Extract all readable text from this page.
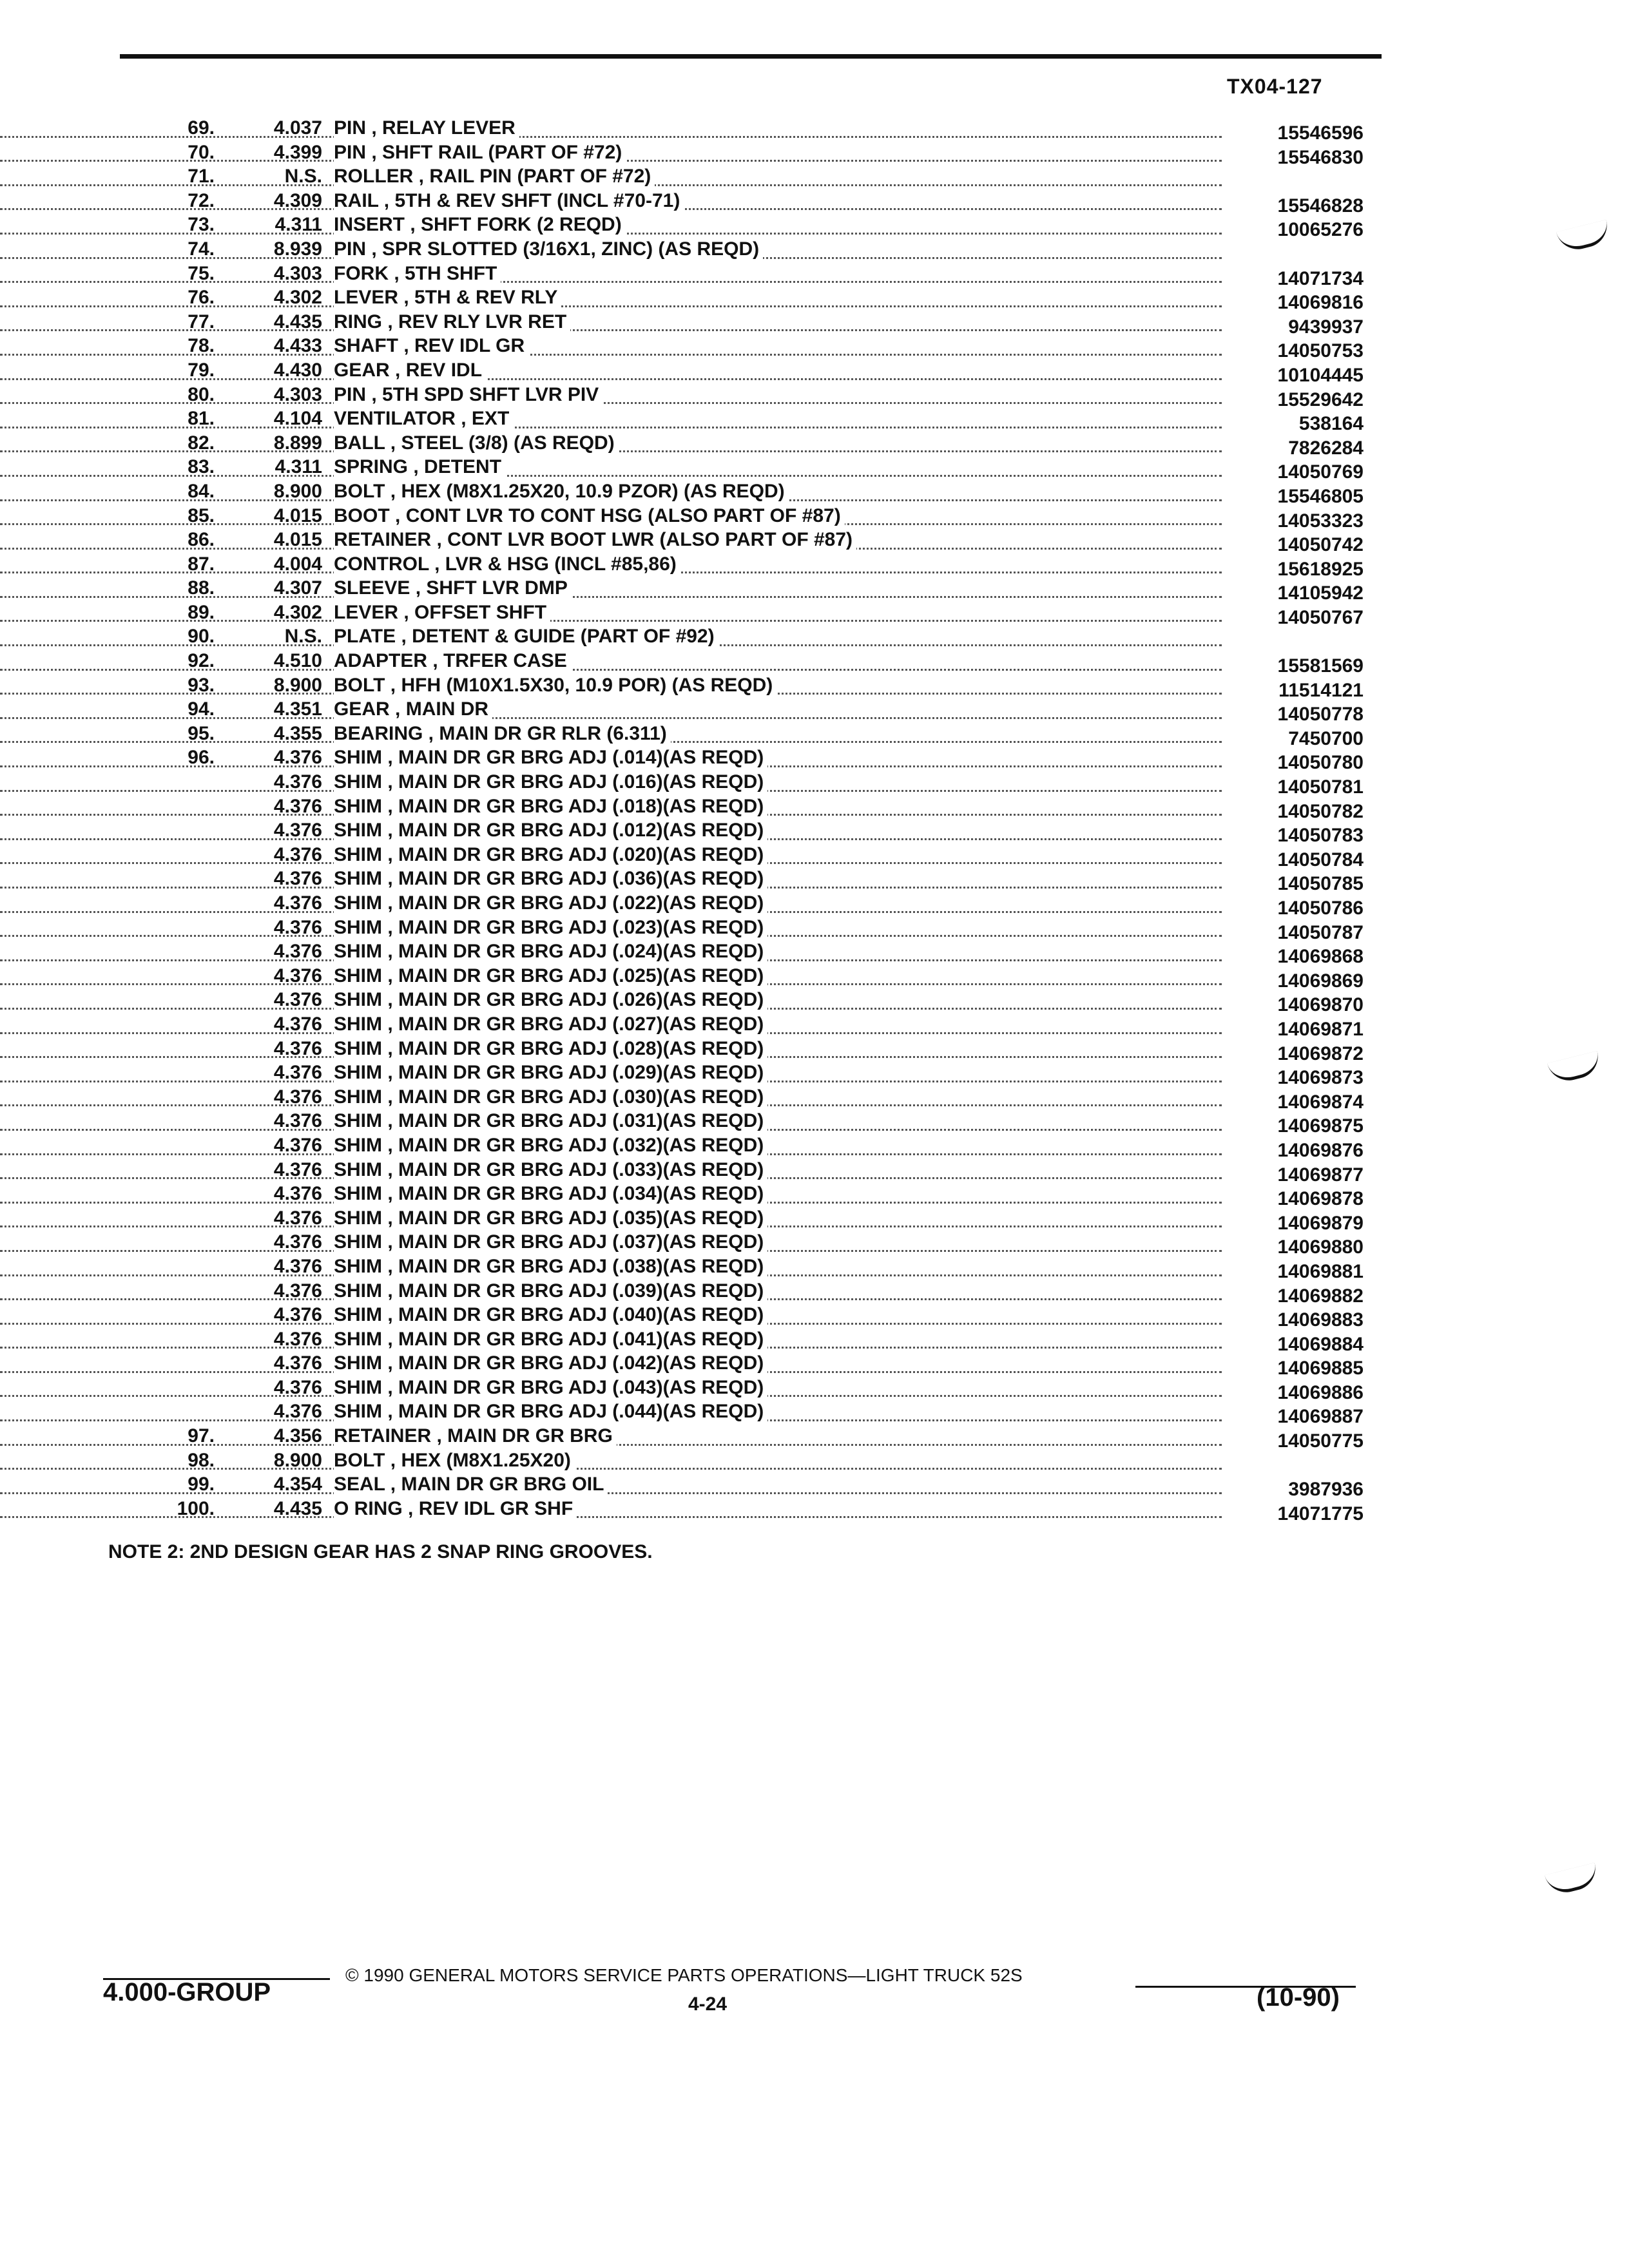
TX04-127
69.	4.037 PIN , RELAY LEVER	15546596
70.	4.399 PIN , SHFT RAIL (PART OF #72)	15546830
71.	N.S. ROLLER , RAIL PIN (PART OF #72)
72.	4.309 RAIL , 5TH & REV SHFT (INCL #70-71)	15546828
73.	4.311 INSERT , SHFT FORK (2 REQD)	10065276
74.	8.939 PIN , SPR SLOTTED (3/16X1, ZINC) (AS REQD)
75.	4.303 FORK , 5TH SHFT	14071734
76.	4.302 LEVER , 5TH & REV RLY	14069816
77.	4.435 RING , REV RLY LVR RET	9439937
78.	4.433 SHAFT , REV IDL GR	14050753
79.	4.430 GEAR , REV IDL	10104445
80.	4.303 PIN , 5TH SPD SHFT LVR PIV	15529642
81.	4.104 VENTILATOR , EXT	538164
82.	8.899 BALL , STEEL (3/8) (AS REQD)	7826284
83.	4.311 SPRING , DETENT	14050769
84.	8.900 BOLT , HEX (M8X1.25X20, 10.9 PZOR) (AS REQD)	15546805
85.	4.015 BOOT , CONT LVR TO CONT HSG (ALSO PART OF #87)	14053323
86.	4.015 RETAINER , CONT LVR BOOT LWR (ALSO PART OF #87)	14050742
87.	4.004 CONTROL , LVR & HSG (INCL #85,86)	15618925
88.	4.307 SLEEVE , SHFT LVR DMP	14105942
89.	4.302 LEVER , OFFSET SHFT	14050767
90.	N.S. PLATE , DETENT & GUIDE (PART OF #92)
92.	4.510 ADAPTER , TRFER CASE	15581569
93.	8.900 BOLT , HFH (M10X1.5X30, 10.9 POR) (AS REQD)	11514121
94.	4.351 GEAR , MAIN DR	14050778
95.	4.355 BEARING , MAIN DR GR RLR (6.311)	7450700
96.	4.376 SHIM , MAIN DR GR BRG ADJ (.014)(AS REQD)	14050780
4.376 SHIM , MAIN DR GR BRG ADJ (.016)(AS REQD)	14050781
4.376 SHIM , MAIN DR GR BRG ADJ (.018)(AS REQD)	14050782
4.376 SHIM , MAIN DR GR BRG ADJ (.012)(AS REQD)	14050783
4.376 SHIM , MAIN DR GR BRG ADJ (.020)(AS REQD)	14050784
4.376 SHIM , MAIN DR GR BRG ADJ (.036)(AS REQD)	14050785
4.376 SHIM , MAIN DR GR BRG ADJ (.022)(AS REQD)	14050786
4.376 SHIM , MAIN DR GR BRG ADJ (.023)(AS REQD)	14050787
4.376 SHIM , MAIN DR GR BRG ADJ (.024)(AS REQD)	14069868
4.376 SHIM , MAIN DR GR BRG ADJ (.025)(AS REQD)	14069869
4.376 SHIM , MAIN DR GR BRG ADJ (.026)(AS REQD)	14069870
4.376 SHIM , MAIN DR GR BRG ADJ (.027)(AS REQD)	14069871
4.376 SHIM , MAIN DR GR BRG ADJ (.028)(AS REQD)	14069872
4.376 SHIM , MAIN DR GR BRG ADJ (.029)(AS REQD)	14069873
4.376 SHIM , MAIN DR GR BRG ADJ (.030)(AS REQD)	14069874
4.376 SHIM , MAIN DR GR BRG ADJ (.031)(AS REQD)	14069875
4.376 SHIM , MAIN DR GR BRG ADJ (.032)(AS REQD)	14069876
4.376 SHIM , MAIN DR GR BRG ADJ (.033)(AS REQD)	14069877
4.376 SHIM , MAIN DR GR BRG ADJ (.034)(AS REQD)	14069878
4.376 SHIM , MAIN DR GR BRG ADJ (.035)(AS REQD)	14069879
4.376 SHIM , MAIN DR GR BRG ADJ (.037)(AS REQD)	14069880
4.376 SHIM , MAIN DR GR BRG ADJ (.038)(AS REQD)	14069881
4.376 SHIM , MAIN DR GR BRG ADJ (.039)(AS REQD)	14069882
4.376 SHIM , MAIN DR GR BRG ADJ (.040)(AS REQD)	14069883
4.376 SHIM , MAIN DR GR BRG ADJ (.041)(AS REQD)	14069884
4.376 SHIM , MAIN DR GR BRG ADJ (.042)(AS REQD)	14069885
4.376 SHIM , MAIN DR GR BRG ADJ (.043)(AS REQD)	14069886
4.376 SHIM , MAIN DR GR BRG ADJ (.044)(AS REQD)	14069887
97.	4.356 RETAINER , MAIN DR GR BRG	14050775
98.	8.900 BOLT , HEX (M8X1.25X20)
99.	4.354 SEAL , MAIN DR GR BRG OIL	3987936
100.	4.435 O RING , REV IDL GR SHF	14071775
NOTE 2: 2ND DESIGN GEAR HAS 2 SNAP RING GROOVES.
4.000-GROUP
© 1990 GENERAL MOTORS SERVICE PARTS OPERATIONS—LIGHT TRUCK 52S
4-24	(10-90)
